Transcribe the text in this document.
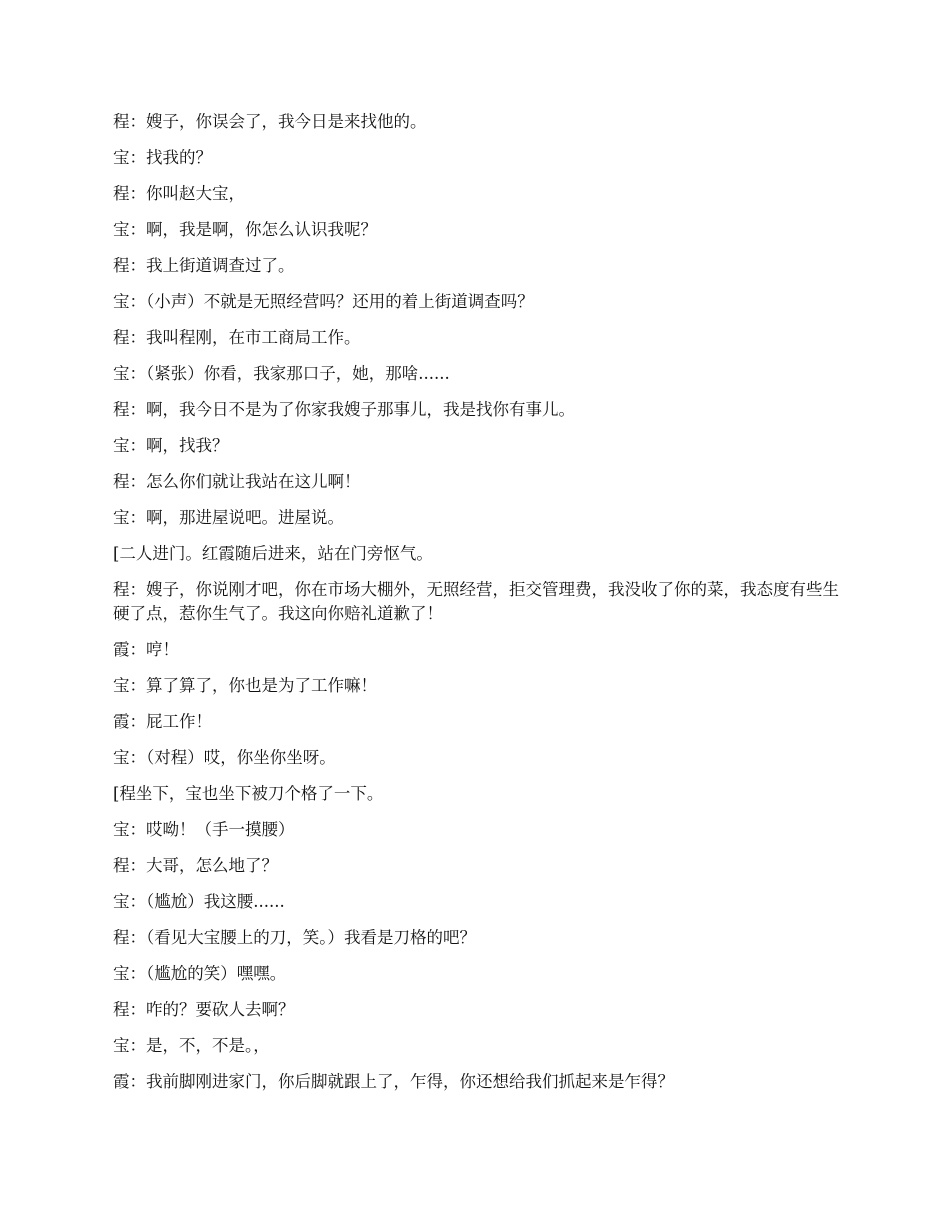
程：嫂子，你误会了，我今日是来找他的。

宝：找我的？

程：你叫赵大宝，

宝：啊，我是啊，你怎么认识我呢？

程：我上街道调查过了。

宝：（小声）不就是无照经营吗？还用的着上街道调查吗？

程：我叫程刚，在市工商局工作。

宝：（紧张）你看，我家那口子，她，那啥......

程：啊，我今日不是为了你家我嫂子那事儿，我是找你有事儿。

宝：啊，找我？

程：怎么你们就让我站在这儿啊！

宝：啊，那进屋说吧。进屋说。

[二人进门。红霞随后进来，站在门旁怄气。

程：嫂子，你说刚才吧，你在市场大棚外，无照经营，拒交管理费，我没收了你的菜，我态度有些生硬了点，惹你生气了。我这向你赔礼道歉了！

霞：哼！

宝：算了算了，你也是为了工作嘛！

霞：屁工作！

宝：（对程）哎，你坐你坐呀。

[程坐下，宝也坐下被刀个格了一下。

宝：哎呦！（手一摸腰）

程：大哥，怎么地了？

宝：（尴尬）我这腰......

程：（看见大宝腰上的刀，笑。）我看是刀格的吧？

宝：（尴尬的笑）嘿嘿。

程：咋的？要砍人去啊？

宝：是，不，不是。，

霞：我前脚刚进家门，你后脚就跟上了，乍得，你还想给我们抓起来是乍得？
